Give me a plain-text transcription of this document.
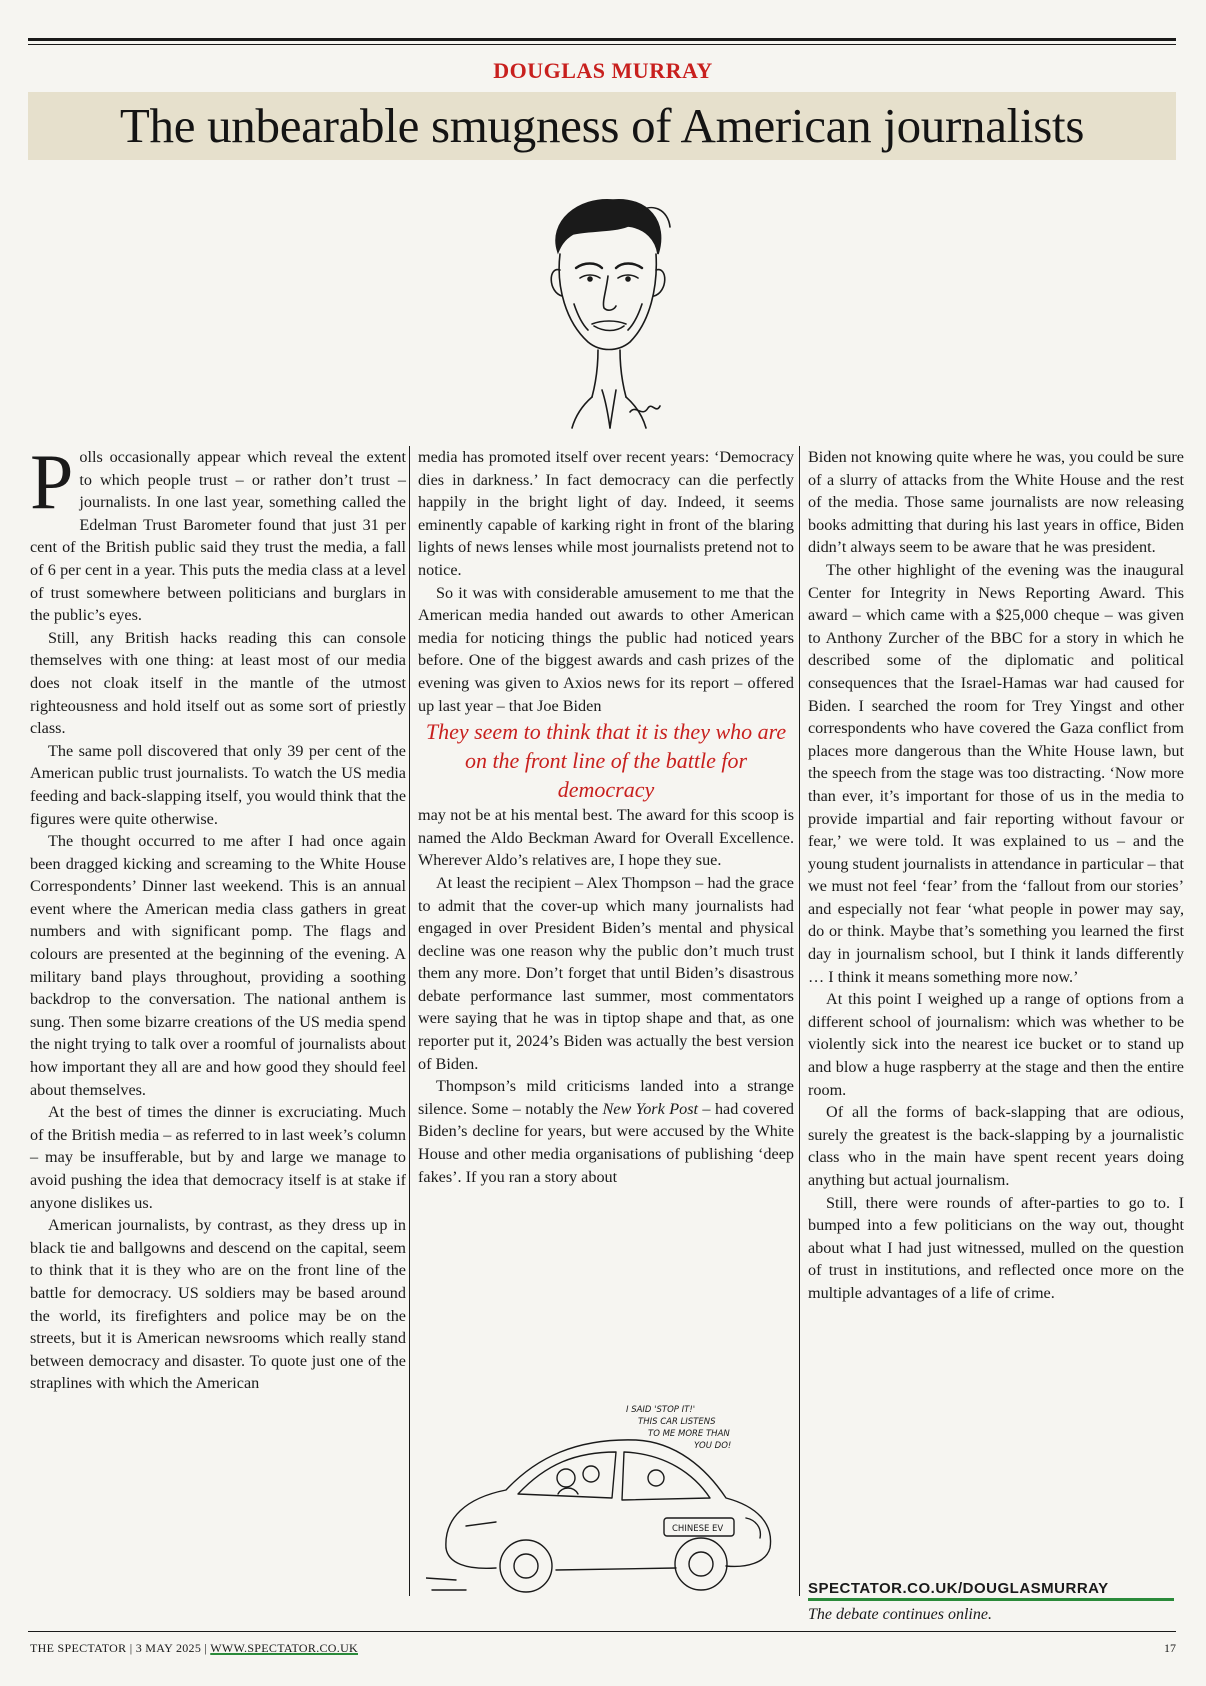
DOUGLAS MURRAY
The unbearable smugness of American journalists

Polls occasionally appear which reveal the extent to which people trust – or rather don’t trust – journalists. In one last year, something called the Edelman Trust Barometer found that just 31 per cent of the British public said they trust the media, a fall of 6 per cent in a year. This puts the media class at a level of trust somewhere between politicians and burglars in the public’s eyes.

Still, any British hacks reading this can console themselves with one thing: at least most of our media does not cloak itself in the mantle of the utmost righteousness and hold itself out as some sort of priestly class.

The same poll discovered that only 39 per cent of the American public trust journalists. To watch the US media feeding and back-slapping itself, you would think that the figures were quite otherwise.

The thought occurred to me after I had once again been dragged kicking and screaming to the White House Correspondents’ Dinner last weekend. This is an annual event where the American media class gathers in great numbers and with significant pomp. The flags and colours are presented at the beginning of the evening. A military band plays throughout, providing a soothing backdrop to the conversation. The national anthem is sung. Then some bizarre creations of the US media spend the night trying to talk over a roomful of journalists about how important they all are and how good they should feel about themselves.

At the best of times the dinner is excruciating. Much of the British media – as referred to in last week’s column – may be insufferable, but by and large we manage to avoid pushing the idea that democracy itself is at stake if anyone dislikes us.

American journalists, by contrast, as they dress up in black tie and ballgowns and descend on the capital, seem to think that it is they who are on the front line of the battle for democracy. US soldiers may be based around the world, its firefighters and police may be on the streets, but it is American newsrooms which really stand between democracy and disaster. To quote just one of the straplines with which the American

media has promoted itself over recent years: ‘Democracy dies in darkness.’ In fact democracy can die perfectly happily in the bright light of day. Indeed, it seems eminently capable of karking right in front of the blaring lights of news lenses while most journalists pretend not to notice.

So it was with considerable amusement to me that the American media handed out awards to other American media for noticing things the public had noticed years before. One of the biggest awards and cash prizes of the evening was given to Axios news for its report – offered up last year – that Joe Biden

They seem to think that it is they who are on the front line of the battle for democracy

may not be at his mental best. The award for this scoop is named the Aldo Beckman Award for Overall Excellence. Wherever Aldo’s relatives are, I hope they sue.

At least the recipient – Alex Thompson – had the grace to admit that the cover-up which many journalists had engaged in over President Biden’s mental and physical decline was one reason why the public don’t much trust them any more. Don’t forget that until Biden’s disastrous debate performance last summer, most commentators were saying that he was in tiptop shape and that, as one reporter put it, 2024’s Biden was actually the best version of Biden.

Thompson’s mild criticisms landed into a strange silence. Some – notably the New York Post – had covered Biden’s decline for years, but were accused by the White House and other media organisations of publishing ‘deep fakes’. If you ran a story about

I SAID 'STOP IT!'
THIS CAR LISTENS
TO ME MORE THAN
YOU DO!
CHINESE EV

Biden not knowing quite where he was, you could be sure of a slurry of attacks from the White House and the rest of the media. Those same journalists are now releasing books admitting that during his last years in office, Biden didn’t always seem to be aware that he was president.

The other highlight of the evening was the inaugural Center for Integrity in News Reporting Award. This award – which came with a $25,000 cheque – was given to Anthony Zurcher of the BBC for a story in which he described some of the diplomatic and political consequences that the Israel-Hamas war had caused for Biden. I searched the room for Trey Yingst and other correspondents who have covered the Gaza conflict from places more dangerous than the White House lawn, but the speech from the stage was too distracting. ‘Now more than ever, it’s important for those of us in the media to provide impartial and fair reporting without favour or fear,’ we were told. It was explained to us – and the young student journalists in attendance in particular – that we must not feel ‘fear’ from the ‘fallout from our stories’ and especially not fear ‘what people in power may say, do or think. Maybe that’s something you learned the first day in journalism school, but I think it lands differently … I think it means something more now.’

At this point I weighed up a range of options from a different school of journalism: which was whether to be violently sick into the nearest ice bucket or to stand up and blow a huge raspberry at the stage and then the entire room.

Of all the forms of back-slapping that are odious, surely the greatest is the back-slapping by a journalistic class who in the main have spent recent years doing anything but actual journalism.

Still, there were rounds of after-parties to go to. I bumped into a few politicians on the way out, thought about what I had just witnessed, mulled on the question of trust in institutions, and reflected once more on the multiple advantages of a life of crime.

SPECTATOR.CO.UK/DOUGLASMURRAY
The debate continues online.
THE SPECTATOR | 3 MAY 2025 | WWW.SPECTATOR.CO.UK	17
